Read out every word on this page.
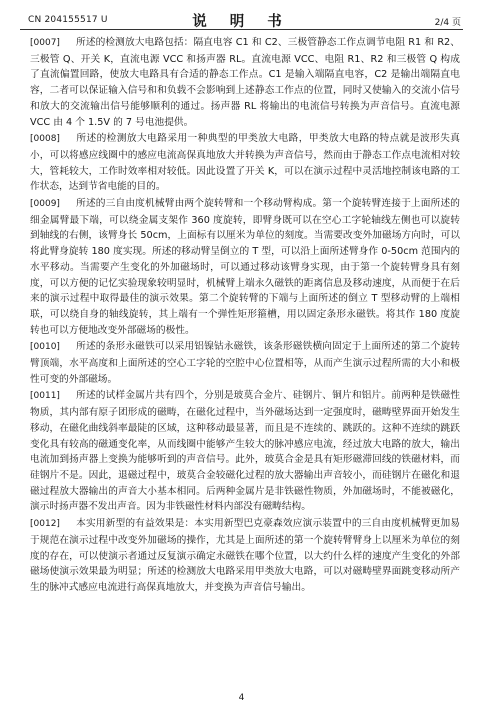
CN 204155517 U	说 明 书	2/4 页

[0007] 所述的检测放大电路包括：隔直电容 C1 和 C2、三极管静态工作点调节电阻 R1 和 R2、三极管 Q、开关 K，直流电源 VCC 和扬声器 RL。直流电源 VCC、电阻 R1、R2 和三极管 Q 构成了直流偏置回路，使放大电路具有合适的静态工作点。C1 是输入端隔直电容，C2 是输出端隔直电容，二者可以保证输入信号和和负载不会影响到上述静态工作点的位置，同时又使输入的交流小信号和放大的交流输出信号能够顺利的通过。扬声器 RL 将输出的电流信号转换为声音信号。直流电源 VCC 由 4 个 1.5V 的 7 号电池提供。

[0008] 所述的检测放大电路采用一种典型的甲类放大电路，甲类放大电路的特点就是波形失真小，可以将感应线圈中的感应电流高保真地放大并转换为声音信号，然而由于静态工作点电流相对较大，管耗较大，工作时效率相对较低。因此设置了开关 K，可以在演示过程中灵活地控制该电路的工作状态，达到节省电能的目的。

[0009] 所述的三自由度机械臂由两个旋转臂和一个移动臂构成。第一个旋转臂连接于上面所述的细金属臂最下端，可以绕金属支架作 360 度旋转，即臂身既可以在空心工字轮轴线左侧也可以旋转到轴线的右侧，该臂身长 50cm，上面标有以厘米为单位的刻度。当需要改变外加磁场方向时，可以将此臂身旋转 180 度实现。所述的移动臂呈倒立的 T 型，可以沿上面所述臂身作 0-50cm 范围内的水平移动。当需要产生变化的外加磁场时，可以通过移动该臂身实现，由于第一个旋转臂身具有刻度，可以方便的记忆实验现象较明显时，机械臂上端永久磁铁的距离信息及移动速度，从而便于在后来的演示过程中取得最佳的演示效果。第二个旋转臂的下端与上面所述的倒立 T 型移动臂的上端相联，可以绕自身的轴线旋转，其上端有一个弹性矩形箍槽，用以固定条形永磁铁。将其作 180 度旋转也可以方便地改变外部磁场的极性。

[0010] 所述的条形永磁铁可以采用铝镍钴永磁铁，该条形磁铁横向固定于上面所述的第二个旋转臂顶端，水平高度和上面所述的空心工字轮的空腔中心位置相等，从而产生演示过程所需的大小和极性可变的外部磁场。

[0011] 所述的试样金属片共有四个，分别是玻莫合金片、硅钢片、铜片和铝片。前两种是铁磁性物质，其内部有原子团形成的磁畴，在磁化过程中，当外磁场达到一定强度时，磁畴壁界面开始发生移动，在磁化曲线斜率最陡的区域，这种移动最显著，而且是不连续的、跳跃的。这种不连续的跳跃变化具有较高的磁通变化率，从而线圈中能够产生较大的脉冲感应电流，经过放大电路的放大，输出电流加到扬声器上变换为能够听到的声音信号。此外，玻莫合金是具有矩形磁滞回线的铁磁材料，而硅钢片不是。因此，退磁过程中，玻莫合金较磁化过程的放大器输出声音较小，而硅钢片在磁化和退磁过程放大器输出的声音大小基本相同。后两种金属片是非铁磁性物质，外加磁场时，不能被磁化，演示时扬声器不发出声音。因为非铁磁性材料内部没有磁畴结构。

[0012] 本实用新型的有益效果是：本实用新型巴克豪森效应演示装置中的三自由度机械臂更加易于规范在演示过程中改变外加磁场的操作，尤其是上面所述的第一个旋转臂臂身上以厘米为单位的刻度的存在，可以使演示者通过反复演示确定永磁铁在哪个位置，以大约什么样的速度产生变化的外部磁场使演示效果最为明显；所述的检测放大电路采用甲类放大电路，可以对磁畴壁界面跳变移动所产生的脉冲式感应电流进行高保真地放大，并变换为声音信号输出。

4
